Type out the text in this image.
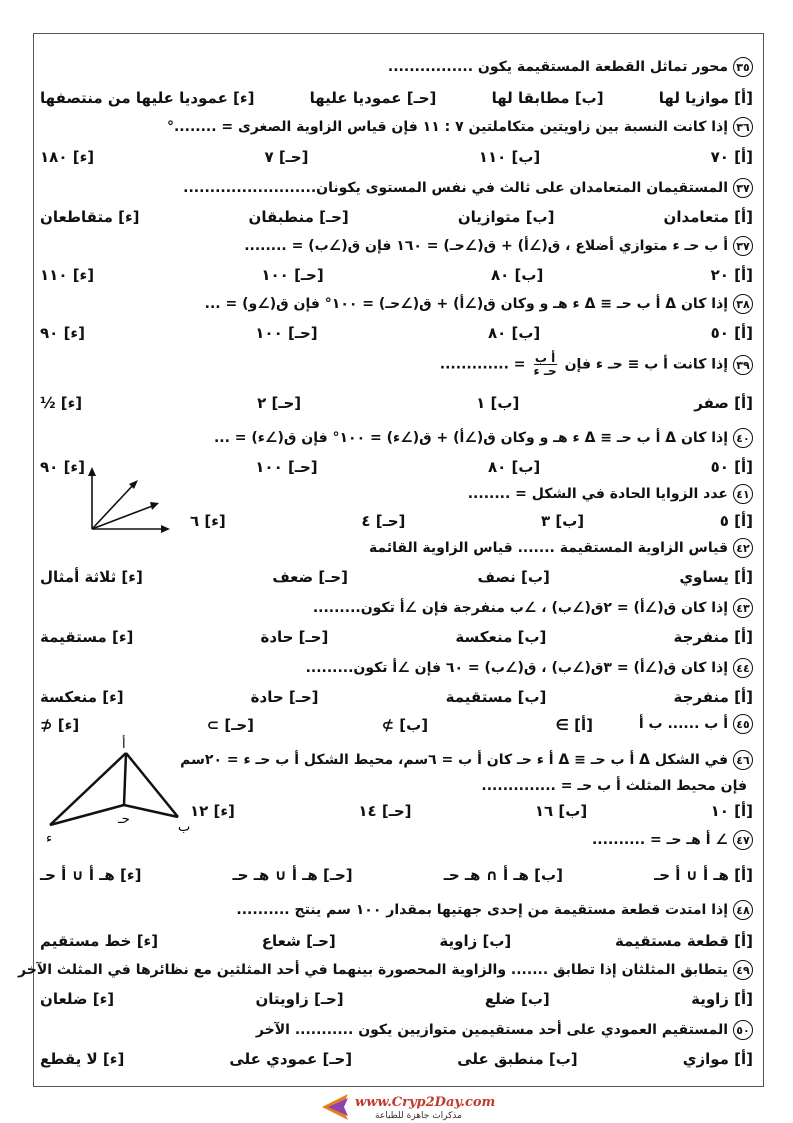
٣٥محور تماثل القطعة المستقيمة يكون ................
[أ] موازيا لها
[ب] مطابقا لها
[حـ] عموديا عليها
[ء] عموديا عليها من منتصفها
٣٦إذا كانت النسبة بين زاويتين متكاملتين ٧ : ١١ فإن قياس الزاوية الصغرى = ........°
[أ] ٧٠
[ب] ١١٠
[حـ] ٧
[ء] ١٨٠
٣٧المستقيمان المتعامدان على ثالث في نفس المستوى يكونان.........................
[أ] متعامدان
[ب] متوازيان
[حـ] منطبقان
[ء] متقاطعان
٣٧أ ب حـ ء متوازي أضلاع ، ق(∠أ) + ق(∠حـ) = ١٦٠ فإن ق(∠ب) = ........
[أ] ٢٠
[ب] ٨٠
[حـ] ١٠٠
[ء] ١١٠
٣٨إذا كان Δ أ ب حـ ≡ Δ ء هـ و وكان ق(∠أ) + ق(∠حـ) = ١٠٠° فإن ق(∠و) = ...
[أ] ٥٠
[ب] ٨٠
[حـ] ١٠٠
[ء] ٩٠
٣٩إذا كانت أ ب ≡ حـ ء فإن
$\frac{\text{أ ب}}{\text{حـ ء}}$
= .............
[أ] صفر
[ب] ١
[حـ] ٢
[ء] ½
٤٠إذا كان Δ أ ب حـ ≡ Δ ء هـ و وكان ق(∠أ) + ق(∠ء) = ١٠٠° فإن ق(∠ء) = ...
[أ] ٥٠
[ب] ٨٠
[حـ] ١٠٠
[ء] ٩٠
٤١عدد الزوايا الحادة في الشكل = ........
[أ] ٥
[ب] ٣
[حـ] ٤
[ء] ٦
٤٢قياس الزاوية المستقيمة ....... قياس الزاوية القائمة
[أ] يساوي
[ب] نصف
[حـ] ضعف
[ء] ثلاثة أمثال
٤٣إذا كان ق(∠أ) = ٢ق(∠ب) ، ∠ب منفرجة فإن ∠أ تكون.........
[أ] منفرجة
[ب] منعكسة
[حـ] حادة
[ء] مستقيمة
٤٤إذا كان ق(∠أ) = ٣ق(∠ب) ، ق(∠ب) = ٦٠ فإن ∠أ تكون.........
[أ] منفرجة
[ب] مستقيمة
[حـ] حادة
[ء] منعكسة
٤٥أ ب ...... ب أ
[أ] ∋
[ب] ⊅
[حـ] ⊃
[ء] ⊄
٤٦في الشكل Δ أ ب حـ ≡ Δ أ ء حـ كان أ ب = ٦سم، محيط الشكل أ ب حـ ء = ٢٠سم
فإن محيط المثلث أ ب حـ = ..............
[أ] ١٠
[ب] ١٦
[حـ] ١٤
[ء] ١٢
٤٧∠ أ هـ حـ = ..........
[أ] هـ أ ∪ أ حـ
[ب] هـ أ ∩ هـ حـ
[حـ] هـ أ ∪ هـ حـ
[ء] هـ أ ∪ أ حـ
٤٨إذا امتدت قطعة مستقيمة من إحدى جهتيها بمقدار ١٠٠ سم ينتج ..........
[أ] قطعة مستقيمة
[ب] زاوية
[حـ] شعاع
[ء] خط مستقيم
٤٩يتطابق المثلثان إذا تطابق ....... والزاوية المحصورة بينهما في أحد المثلثين مع نظائرها في المثلث الآخر
[أ] زاوية
[ب] ضلع
[حـ] زاويتان
[ء] ضلعان
٥٠المستقيم العمودي على أحد مستقيمين متوازيين يكون ........... الآخر
[أ] موازي
[ب] منطبق على
[حـ] عمودي على
[ء] لا يقطع
أ
حـ
ء
ب
www.Cryp2Day.com
مذكرات جاهزة للطباعة
